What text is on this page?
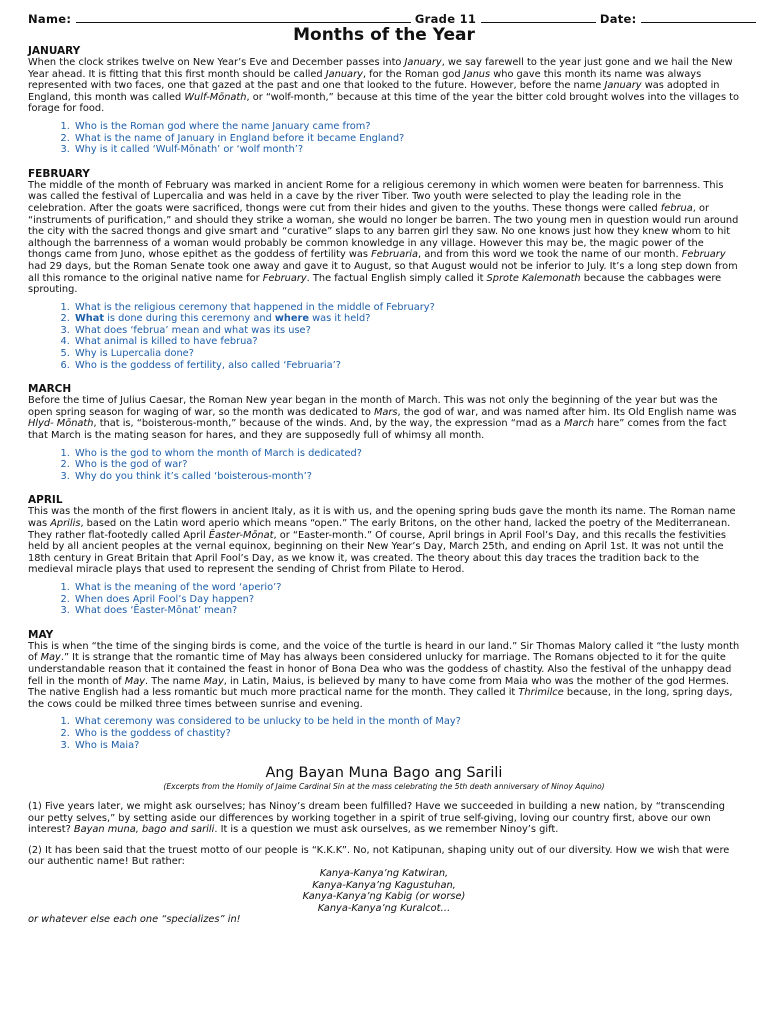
Name:	Grade 11	Date:
Months of the Year
JANUARY

When the clock strikes twelve on New Year’s Eve and December passes into January, we say farewell to the year just gone and we hail the New Year ahead. It is fitting that this first month should be called January, for the Roman god Janus who gave this month its name was always represented with two faces, one that gazed at the past and one that looked to the future. However, before the name January was adopted in England, this month was called Wulf-Mōnath, or “wolf-month,” because at this time of the year the bitter cold brought wolves into the villages to forage for food.

1. Who is the Roman god where the name January came from?
2. What is the name of January in England before it became England?
3. Why is it called ‘Wulf-Mōnath’ or ‘wolf month’?
FEBRUARY

The middle of the month of February was marked in ancient Rome for a religious ceremony in which women were beaten for barrenness. This was called the festival of Lupercalia and was held in a cave by the river Tiber. Two youth were selected to play the leading role in the celebration. After the goats were sacrificed, thongs were cut from their hides and given to the youths. These thongs were called februa, or “instruments of purification,” and should they strike a woman, she would no longer be barren. The two young men in question would run around the city with the sacred thongs and give smart and “curative” slaps to any barren girl they saw. No one knows just how they knew whom to hit although the barrenness of a woman would probably be common knowledge in any village. However this may be, the magic power of the thongs came from Juno, whose epithet as the goddess of fertility was Februaria, and from this word we took the name of our month. February had 29 days, but the Roman Senate took one away and gave it to August, so that August would not be inferior to July. It’s a long step down from all this romance to the original native name for February. The factual English simply called it Sprote Kalemonath because the cabbages were sprouting.

1. What is the religious ceremony that happened in the middle of February?
2. What is done during this ceremony and where was it held?
3. What does ‘februa’ mean and what was its use?
4. What animal is killed to have februa?
5. Why is Lupercalia done?
6. Who is the goddess of fertility, also called ‘Februaria’?
MARCH

Before the time of Julius Caesar, the Roman New year began in the month of March. This was not only the beginning of the year but was the open spring season for waging of war, so the month was dedicated to Mars, the god of war, and was named after him. Its Old English name was Hlyd- Mōnath, that is, “boisterous-month,” because of the winds. And, by the way, the expression “mad as a March hare” comes from the fact that March is the mating season for hares, and they are supposedly full of whimsy all month.

1. Who is the god to whom the month of March is dedicated?
2. Who is the god of war?
3. Why do you think it’s called ‘boisterous-month’?
APRIL

This was the month of the first flowers in ancient Italy, as it is with us, and the opening spring buds gave the month its name. The Roman name was Aprilis, based on the Latin word aperio which means “open.” The early Britons, on the other hand, lacked the poetry of the Mediterranean. They rather flat-footedly called April Ēaster-Mōnat, or “Easter-month.” Of course, April brings in April Fool’s Day, and this recalls the festivities held by all ancient peoples at the vernal equinox, beginning on their New Year’s Day, March 25th, and ending on April 1st. It was not until the 18th century in Great Britain that April Fool’s Day, as we know it, was created. The theory about this day traces the tradition back to the medieval miracle plays that used to represent the sending of Christ from Pilate to Herod.

1. What is the meaning of the word ‘aperio’?
2. When does April Fool’s Day happen?
3. What does ‘Ēaster-Mōnat’ mean?
MAY

This is when “the time of the singing birds is come, and the voice of the turtle is heard in our land.” Sir Thomas Malory called it “the lusty month of May.” It is strange that the romantic time of May has always been considered unlucky for marriage. The Romans objected to it for the quite understandable reason that it contained the feast in honor of Bona Dea who was the goddess of chastity. Also the festival of the unhappy dead fell in the month of May. The name May, in Latin, Maius, is believed by many to have come from Maia who was the mother of the god Hermes. The native English had a less romantic but much more practical name for the month. They called it Thrimilce because, in the long, spring days, the cows could be milked three times between sunrise and evening.

1. What ceremony was considered to be unlucky to be held in the month of May?
2. Who is the goddess of chastity?
3. Who is Maia?
Ang Bayan Muna Bago ang Sarili
(Excerpts from the Homily of Jaime Cardinal Sin at the mass celebrating the 5th death anniversary of Ninoy Aquino)

(1) Five years later, we might ask ourselves; has Ninoy’s dream been fulfilled? Have we succeeded in building a new nation, by “transcending our petty selves,” by setting aside our differences by working together in a spirit of true self-giving, loving our country first, above our own interest? Bayan muna, bago and sarili. It is a question we must ask ourselves, as we remember Ninoy’s gift.

(2) It has been said that the truest motto of our people is “K.K.K”. No, not Katipunan, shaping unity out of our diversity. How we wish that were our authentic name! But rather:

Kanya-Kanya’ng Katwiran,
Kanya-Kanya’ng Kagustuhan,
Kanya-Kanya’ng Kabig (or worse)
Kanya-Kanya’ng Kuralcot…
or whatever else each one “specializes” in!
